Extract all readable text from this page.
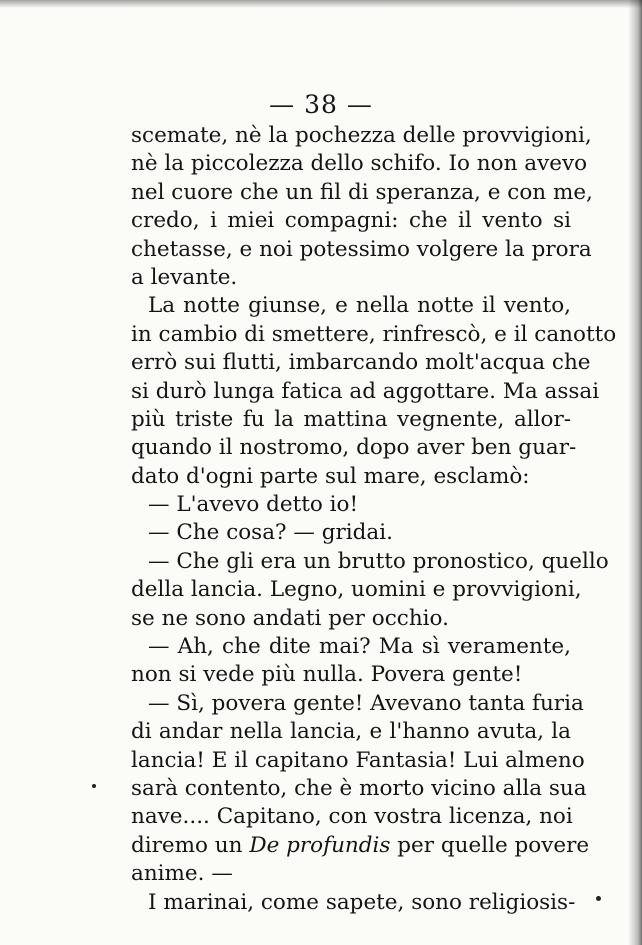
— 38 —
scemate, nè la pochezza delle provvigioni,
nè la piccolezza dello schifo. Io non avevo
nel cuore che un fil di speranza, e con me,
credo, i miei compagni: che il vento si
chetasse, e noi potessimo volgere la prora
a levante.
La notte giunse, e nella notte il vento,
in cambio di smettere, rinfrescò, e il canotto
errò sui flutti, imbarcando molt'acqua che
si durò lunga fatica ad aggottare. Ma assai
più triste fu la mattina vegnente, allor-
quando il nostromo, dopo aver ben guar-
dato d'ogni parte sul mare, esclamò:
— L'avevo detto io!
— Che cosa? — gridai.
— Che gli era un brutto pronostico, quello
della lancia. Legno, uomini e provvigioni,
se ne sono andati per occhio.
— Ah, che dite mai? Ma sì veramente,
non si vede più nulla. Povera gente!
— Sì, povera gente! Avevano tanta furia
di andar nella lancia, e l'hanno avuta, la
lancia! E il capitano Fantasia! Lui almeno
sarà contento, che è morto vicino alla sua
nave.... Capitano, con vostra licenza, noi
diremo un De profundis per quelle povere
anime. —
I marinai, come sapete, sono religiosis-
